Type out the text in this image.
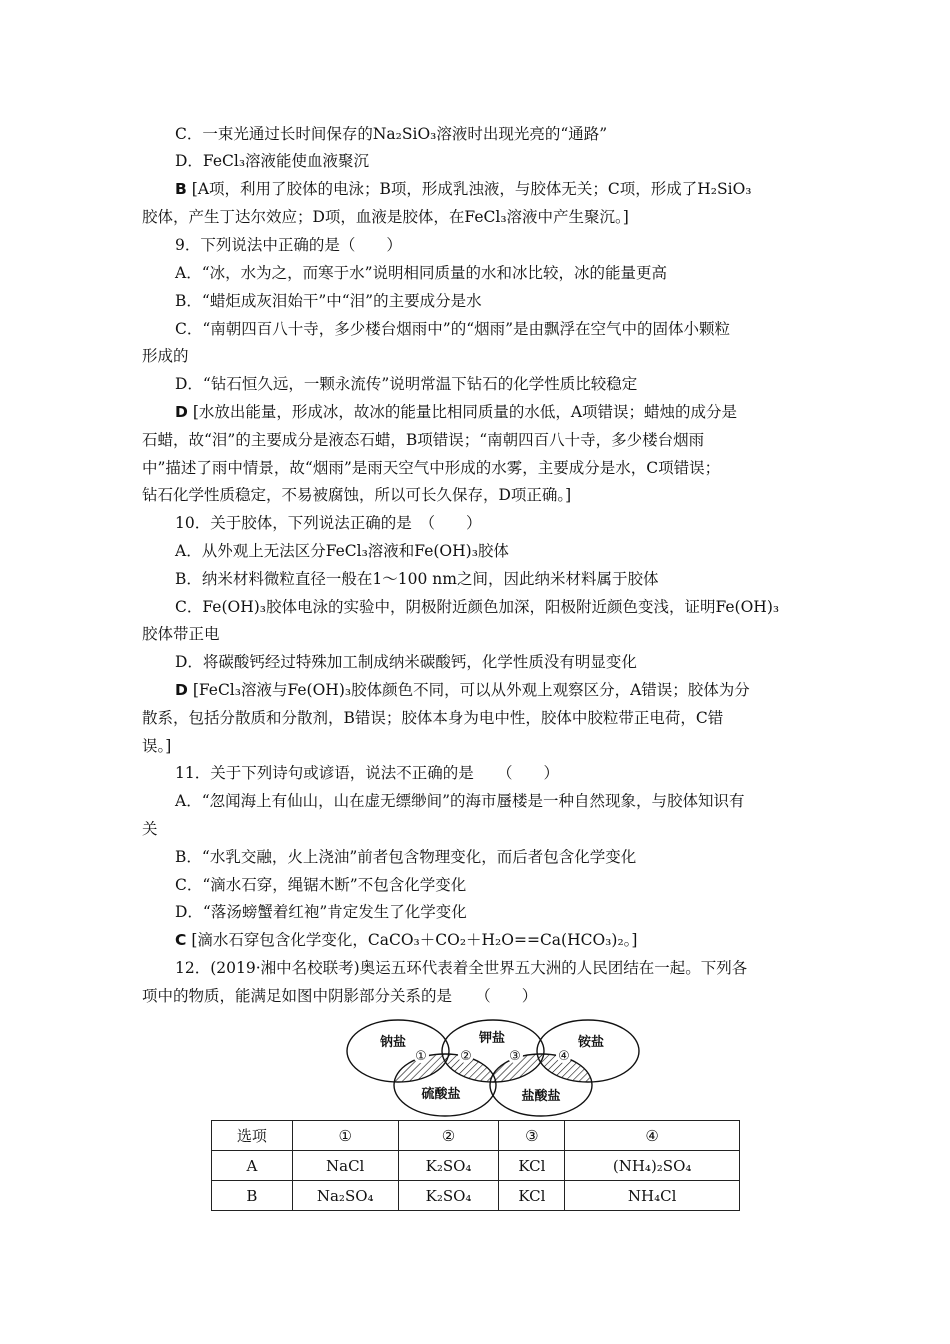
C．一束光通过长时间保存的Na₂SiO₃溶液时出现光亮的“通路”
D．FeCl₃溶液能使血液聚沉
B [A项，利用了胶体的电泳；B项，形成乳浊液，与胶体无关；C项，形成了H₂SiO₃
胶体，产生丁达尔效应；D项，血液是胶体，在FeCl₃溶液中产生聚沉。]
9．下列说法中正确的是（　　）
A．“冰，水为之，而寒于水”说明相同质量的水和冰比较，冰的能量更高
B．“蜡炬成灰泪始干”中“泪”的主要成分是水
C．“南朝四百八十寺，多少楼台烟雨中”的“烟雨”是由飘浮在空气中的固体小颗粒
形成的
D．“钻石恒久远，一颗永流传”说明常温下钻石的化学性质比较稳定
D [水放出能量，形成冰，故冰的能量比相同质量的水低，A项错误；蜡烛的成分是
石蜡，故“泪”的主要成分是液态石蜡，B项错误；“南朝四百八十寺，多少楼台烟雨
中”描述了雨中情景，故“烟雨”是雨天空气中形成的水雾，主要成分是水，C项错误；
钻石化学性质稳定，不易被腐蚀，所以可长久保存，D项正确。]
10．关于胶体，下列说法正确的是　（　　）
A．从外观上无法区分FeCl₃溶液和Fe(OH)₃胶体
B．纳米材料微粒直径一般在1～100 nm之间，因此纳米材料属于胶体
C．Fe(OH)₃胶体电泳的实验中，阴极附近颜色加深，阳极附近颜色变浅，证明Fe(OH)₃
胶体带正电
D．将碳酸钙经过特殊加工制成纳米碳酸钙，化学性质没有明显变化
D [FeCl₃溶液与Fe(OH)₃胶体颜色不同，可以从外观上观察区分，A错误；胶体为分
散系，包括分散质和分散剂，B错误；胶体本身为电中性，胶体中胶粒带正电荷，C错
误。]
11．关于下列诗句或谚语，说法不正确的是　　（　　）
A．“忽闻海上有仙山，山在虚无缥缈间”的海市蜃楼是一种自然现象，与胶体知识有
关
B．“水乳交融，火上浇油”前者包含物理变化，而后者包含化学变化
C．“滴水石穿，绳锯木断”不包含化学变化
D．“落汤螃蟹着红袍”肯定发生了化学变化
C [滴水石穿包含化学变化，CaCO₃＋CO₂＋H₂O==Ca(HCO₃)₂。]
12．(2019·湘中名校联考)奥运五环代表着全世界五大洲的人民团结在一起。下列各
项中的物质，能满足如图中阴影部分关系的是　　（　　）
钠盐	钾盐	铵盐
硫酸盐	盐酸盐
①	②	③	④
选项	①	②	③	④
A	NaCl	K₂SO₄	KCl	(NH₄)₂SO₄
B	Na₂SO₄	K₂SO₄	KCl	NH₄Cl
